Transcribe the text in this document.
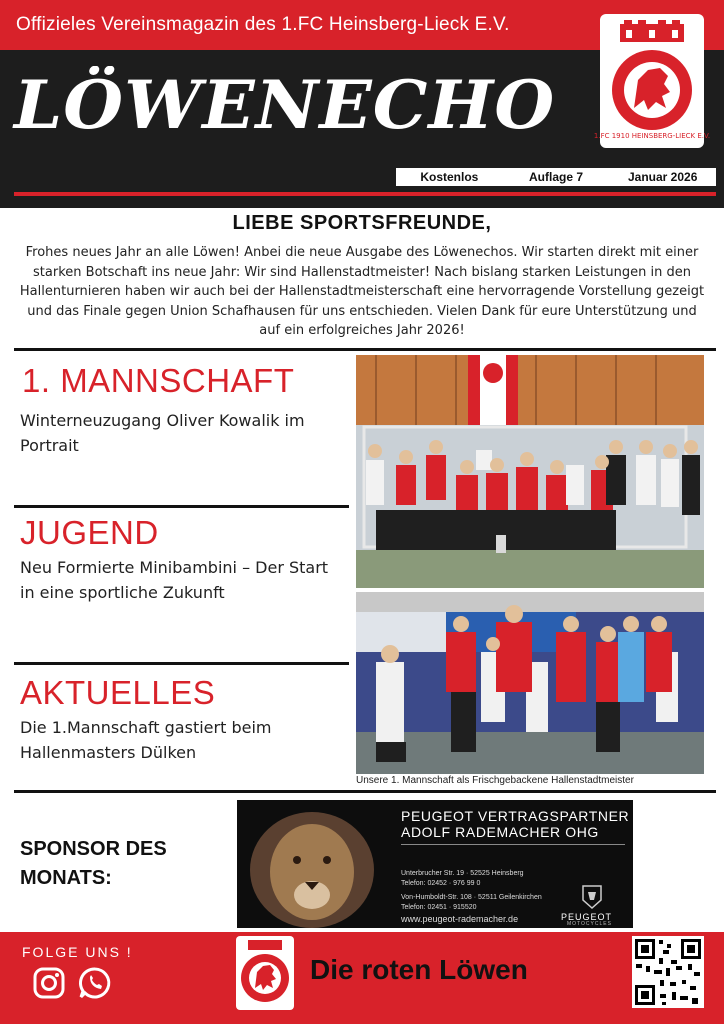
Offizieles Vereinsmagazin des 1.FC Heinsberg-Lieck E.V.
LÖWENECHO	1.FC 1910 HEINSBERG-LIECK E.V.
Kostenlos	Auflage 7	Januar 2026
LIEBE SPORTSFREUNDE,
Frohes neues Jahr an alle Löwen! Anbei die neue Ausgabe des Löwenechos. Wir starten direkt mit einer starken Botschaft ins neue Jahr: Wir sind Hallenstadtmeister! Nach bislang starken Leistungen in den Hallenturnieren haben wir auch bei der Hallenstadtmeisterschaft eine hervorragende Vorstellung gezeigt und das Finale gegen Union Schafhausen für uns entschieden. Vielen Dank für eure Unterstützung und auf ein erfolgreiches Jahr 2026!
1. MANNSCHAFT
Winterneuzugang Oliver Kowalik im Portrait
JUGEND
Neu Formierte Minibambini – Der Start in eine sportliche Zukunft
AKTUELLES
Die 1.Mannschaft gastiert beim Hallenmasters Dülken
Unsere 1. Mannschaft als Frischgebackene Hallenstadtmeister
SPONSOR DES MONATS:
PEUGEOT VERTRAGSPARTNER
ADOLF RADEMACHER OHG
Unterbrucher Str. 19 · 52525 Heinsberg
Telefon: 02452 · 976 99 0
Von-Humboldt-Str. 108 · 52511 Geilenkirchen
Telefon: 02451 · 915520
www.peugeot-rademacher.de	PEUGEOT
MOTOCYCLES
FOLGE UNS !
Die roten Löwen
